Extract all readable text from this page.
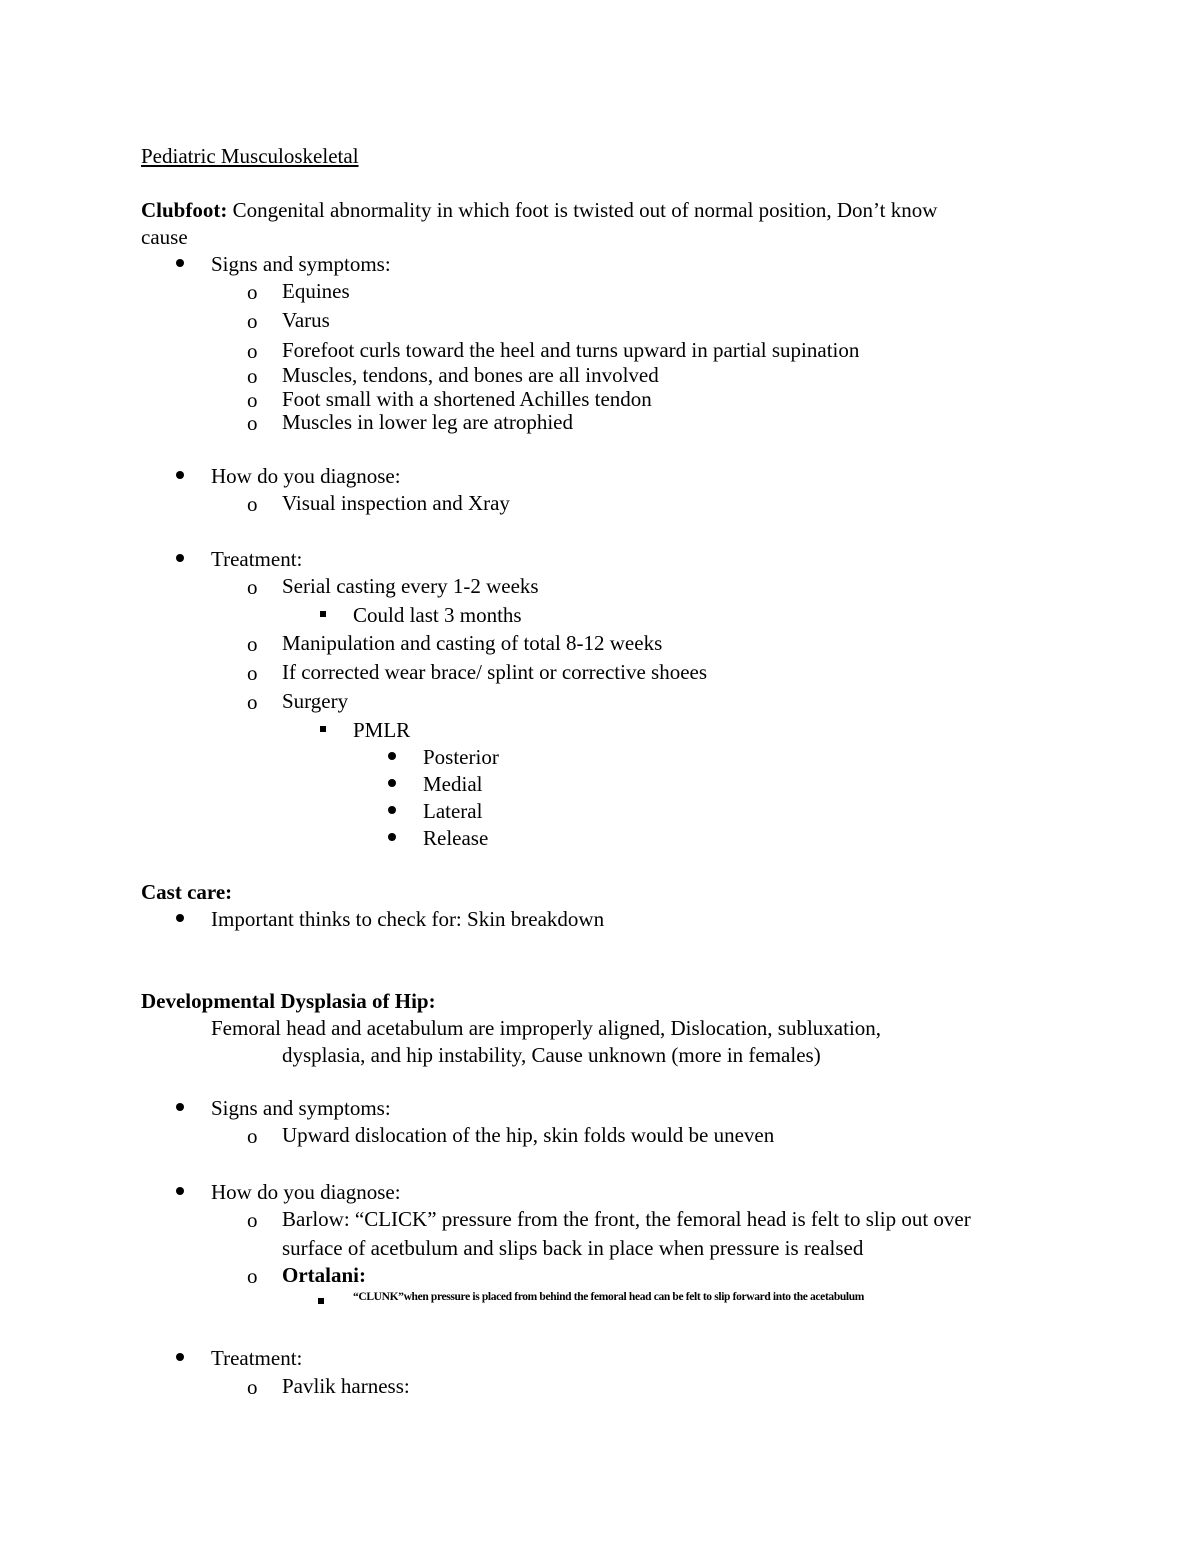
Pediatric Musculoskeletal
Clubfoot: Congenital abnormality in which foot is twisted out of normal position, Don’t know
cause
Signs and symptoms:
o Equines
o Varus
o Forefoot curls toward the heel and turns upward in partial supination
o Muscles, tendons, and bones are all involved
o Foot small with a shortened Achilles tendon
o Muscles in lower leg are atrophied
How do you diagnose:
o Visual inspection and Xray
Treatment:
o Serial casting every 1-2 weeks
Could last 3 months
o Manipulation and casting of total 8-12 weeks
o If corrected wear brace/ splint or corrective shoees
o Surgery
PMLR
Posterior
Medial
Lateral
Release
Cast care:
Important thinks to check for: Skin breakdown
Developmental Dysplasia of Hip:
Femoral head and acetabulum are improperly aligned, Dislocation, subluxation,
dysplasia, and hip instability, Cause unknown (more in females)
Signs and symptoms:
o Upward dislocation of the hip, skin folds would be uneven
How do you diagnose:
o Barlow: “CLICK” pressure from the front, the femoral head is felt to slip out over
surface of acetbulum and slips back in place when pressure is realsed
o Ortalani:
“CLUNK”when pressure is placed from behind the femoral head can be felt to slip forward into the acetabulum
Treatment:
o Pavlik harness:
